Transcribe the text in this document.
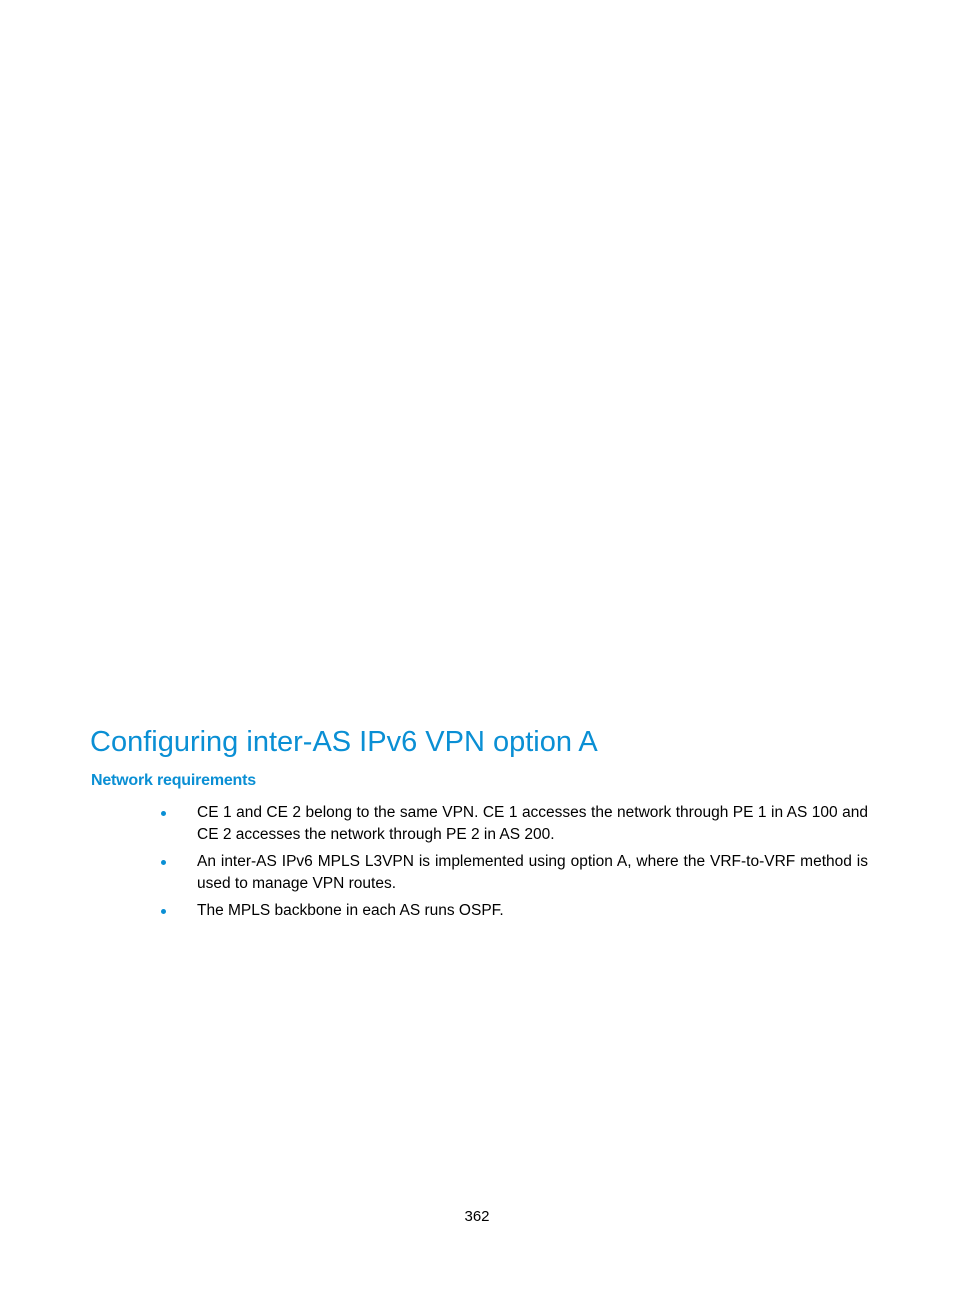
Configuring inter-AS IPv6 VPN option A
Network requirements
CE 1 and CE 2 belong to the same VPN. CE 1 accesses the network through PE 1 in AS 100 and CE 2 accesses the network through PE 2 in AS 200.
An inter-AS IPv6 MPLS L3VPN is implemented using option A, where the VRF-to-VRF method is used to manage VPN routes.
The MPLS backbone in each AS runs OSPF.
362
